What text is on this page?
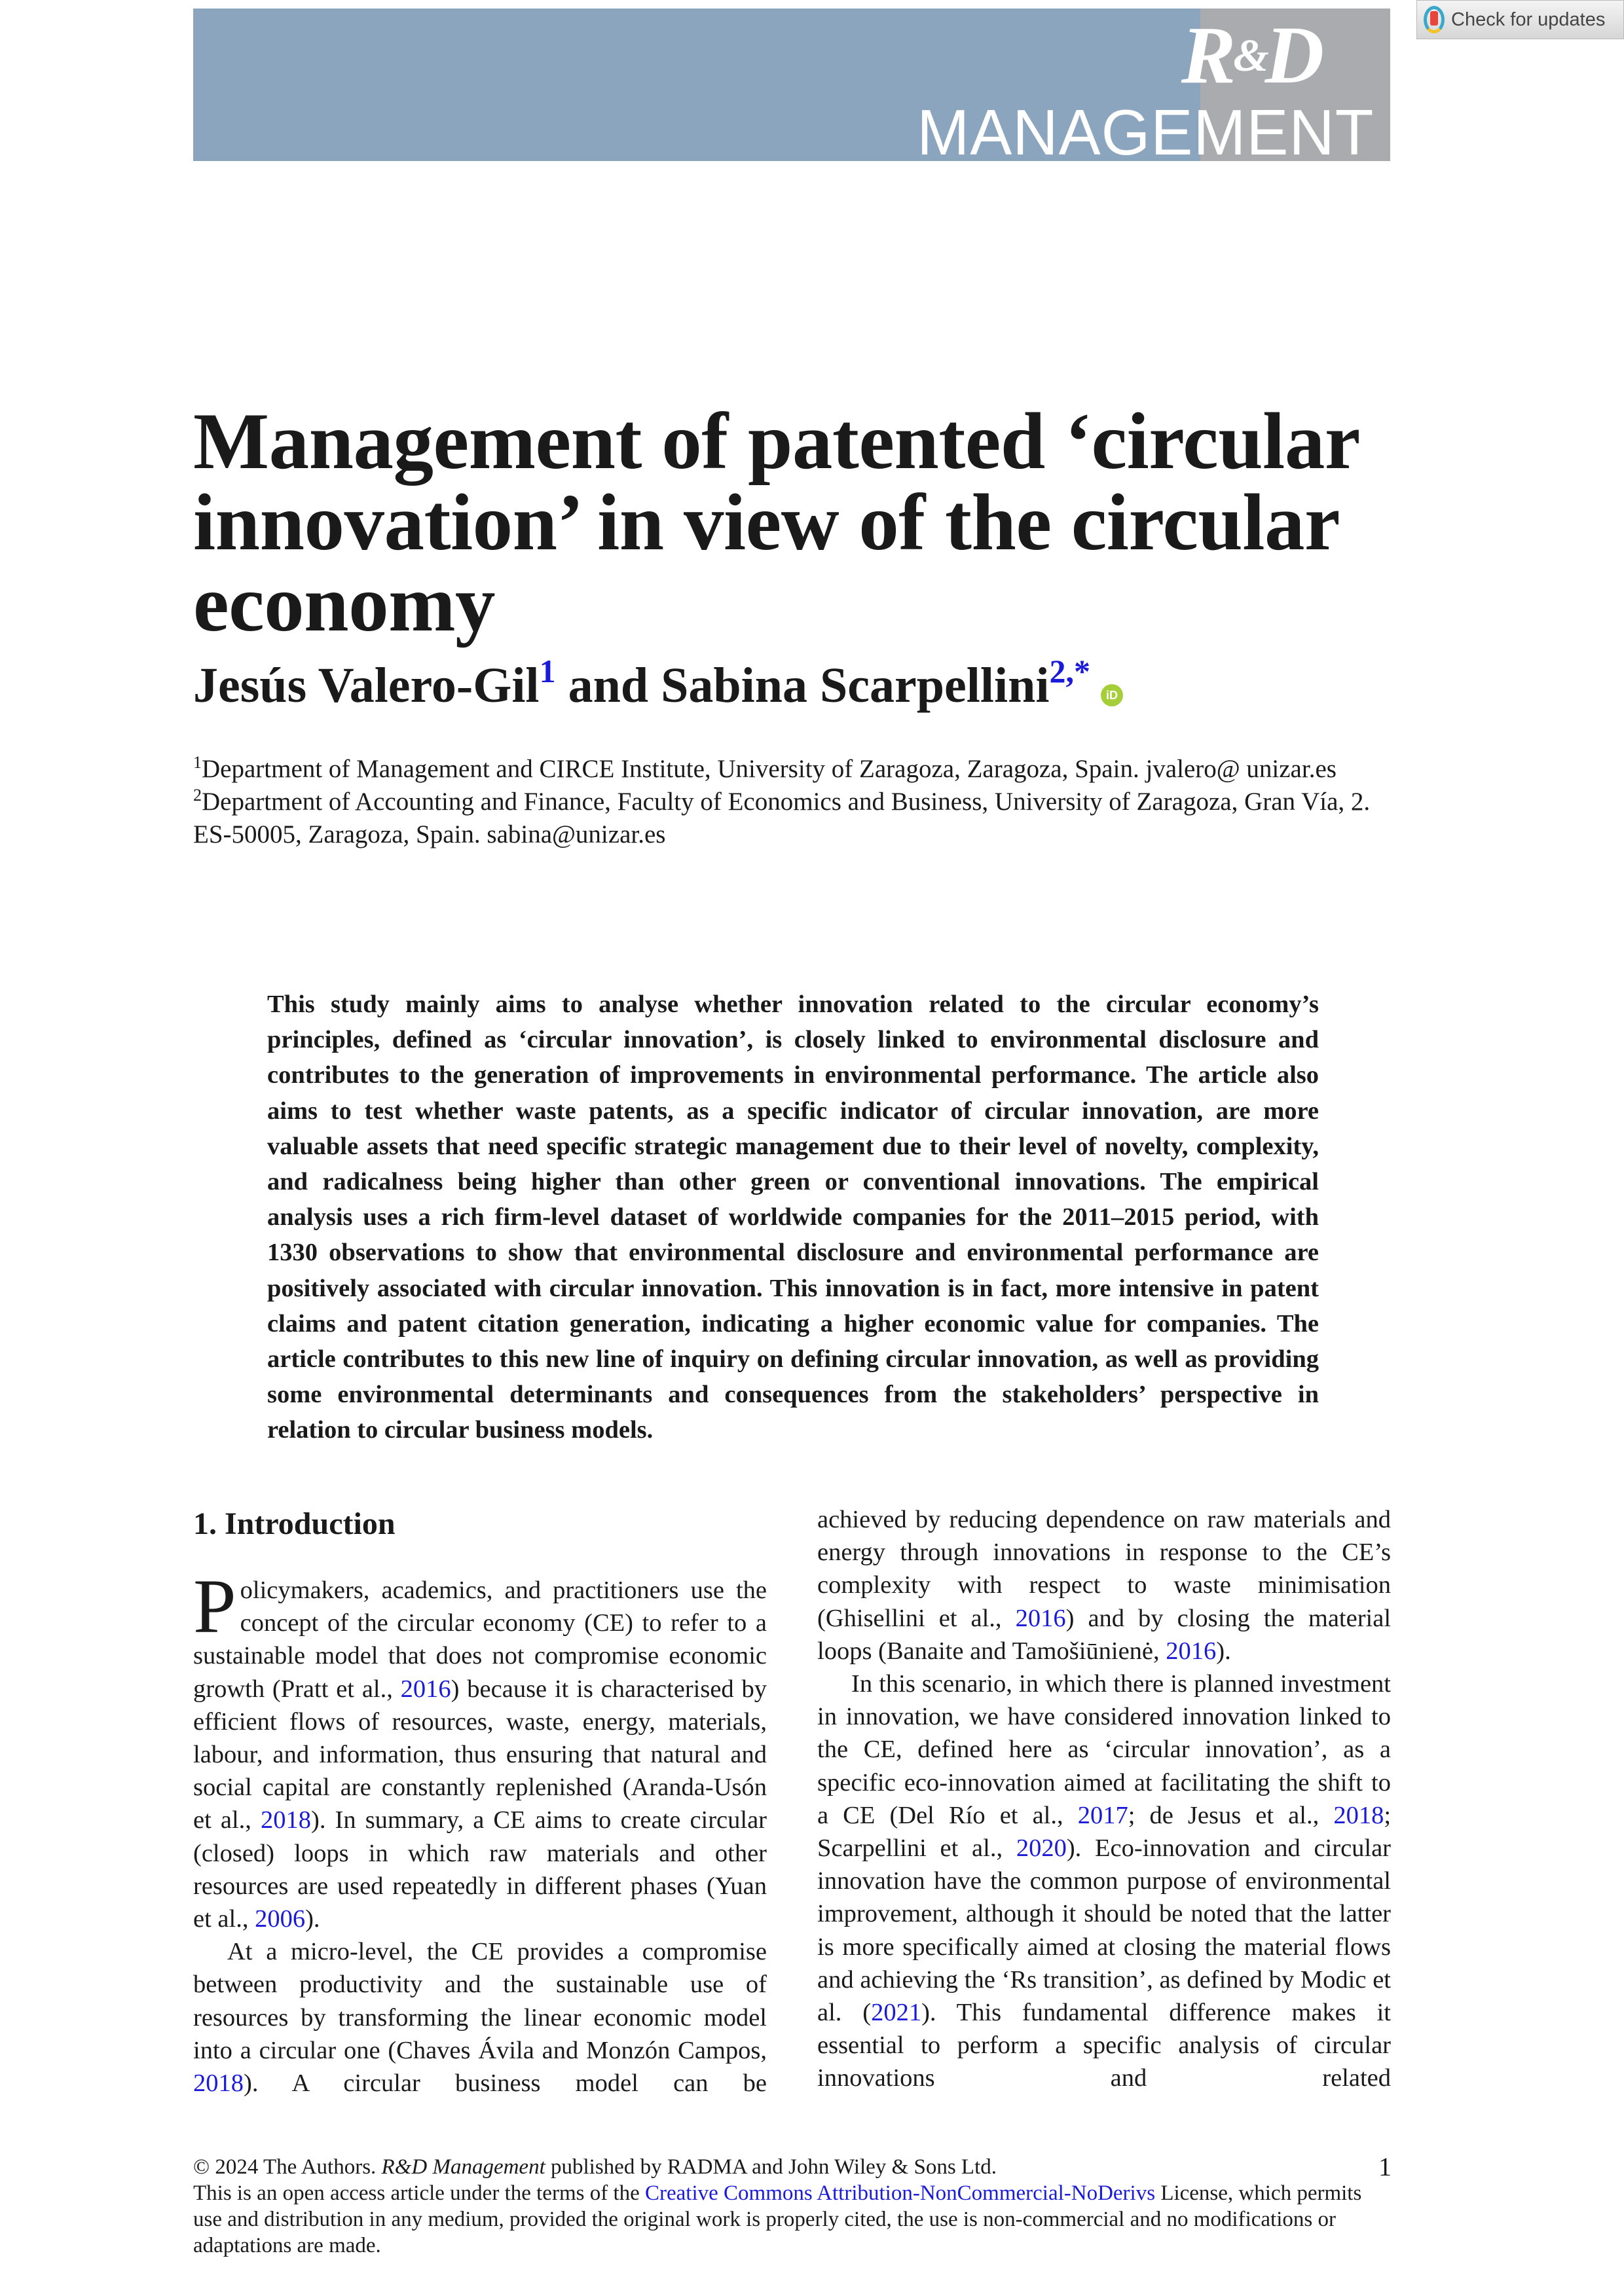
R&D
MANAGEMENT
Check for updates
Management of patented ‘circular innovation’ in view of the circular economy
Jesús Valero-Gil$^1$ and Sabina Scarpellini$^{2,*}$iD
$^1$Department of Management and CIRCE Institute, University of Zaragoza, Zaragoza, Spain. jvalero@ unizar.es
$^2$Department of Accounting and Finance, Faculty of Economics and Business, University of Zaragoza, Gran Vía, 2. ES-50005, Zaragoza, Spain. sabina@unizar.es
This study mainly aims to analyse whether innovation related to the circular economy’s principles, defined as ‘circular innovation’, is closely linked to environmental disclosure and contributes to the generation of improvements in environmental performance. The article also aims to test whether waste patents, as a specific indicator of circular innovation, are more valuable assets that need specific strategic management due to their level of novelty, complexity, and radicalness being higher than other green or conventional innovations. The empirical analysis uses a rich firm-level dataset of worldwide companies for the 2011–2015 period, with 1330 observations to show that environmental disclosure and environmental performance are positively associated with circular innovation. This innovation is in fact, more intensive in patent claims and patent citation generation, indicating a higher economic value for companies. The article contributes to this new line of inquiry on defining circular innovation, as well as providing some environmental determinants and consequences from the stakeholders’ perspective in relation to circular business models.
1. Introduction

Policymakers, academics, and practitioners use the concept of the circular economy (CE) to refer to a sustainable model that does not compromise economic growth (Pratt et al., 2016) because it is characterised by efficient flows of resources, waste, energy, materials, labour, and information, thus ensuring that natural and social capital are constantly replenished (Aranda-Usón et al., 2018). In summary, a CE aims to create circular (closed) loops in which raw materials and other resources are used repeatedly in different phases (Yuan et al., 2006).

At a micro-level, the CE provides a compromise between productivity and the sustainable use of resources by transforming the linear economic model into a circular one (Chaves Ávila and Monzón Campos, 2018). A circular business model can be

achieved by reducing dependence on raw materials and energy through innovations in response to the CE’s complexity with respect to waste minimisation (Ghisellini et al., 2016) and by closing the material loops (Banaite and Tamošiūnienė, 2016).

In this scenario, in which there is planned investment in innovation, we have considered innovation linked to the CE, defined here as ‘circular innovation’, as a specific eco-innovation aimed at facilitating the shift to a CE (Del Río et al., 2017; de Jesus et al., 2018; Scarpellini et al., 2020). Eco-innovation and circular innovation have the common purpose of environmental improvement, although it should be noted that the latter is more specifically aimed at closing the material flows and achieving the ‘Rs transition’, as defined by Modic et al. (2021). This fundamental difference makes it essential to perform a specific analysis of circular innovations and related

© 2024 The Authors. R&D Management published by RADMA and John Wiley & Sons Ltd.
This is an open access article under the terms of the Creative Commons Attribution-NonCommercial-NoDerivs License, which permits use and distribution in any medium, provided the original work is properly cited, the use is non-commercial and no modifications or adaptations are made.
1
